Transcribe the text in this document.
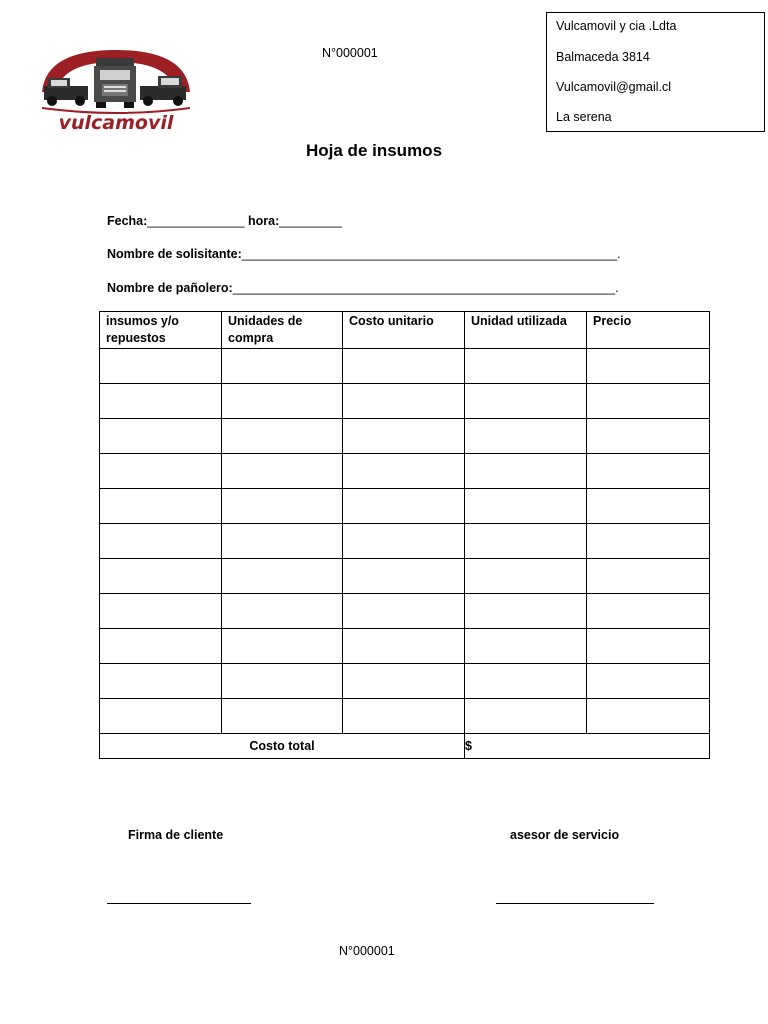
vulcamovil
N°000001
Vulcamovil y cia .Ldta
Balmaceda 3814
Vulcamovil@gmail.cl
La serena
Hoja de insumos
Fecha:______________ hora:_________
Nombre de solisitante:______________________________________________________.
Nombre de pañolero:_______________________________________________________.
insumos y/o repuestos	Unidades de compra	Costo unitario	Unidad utilizada	Precio

Costo total			$	
Firma de cliente	asesor de servicio
N°000001
